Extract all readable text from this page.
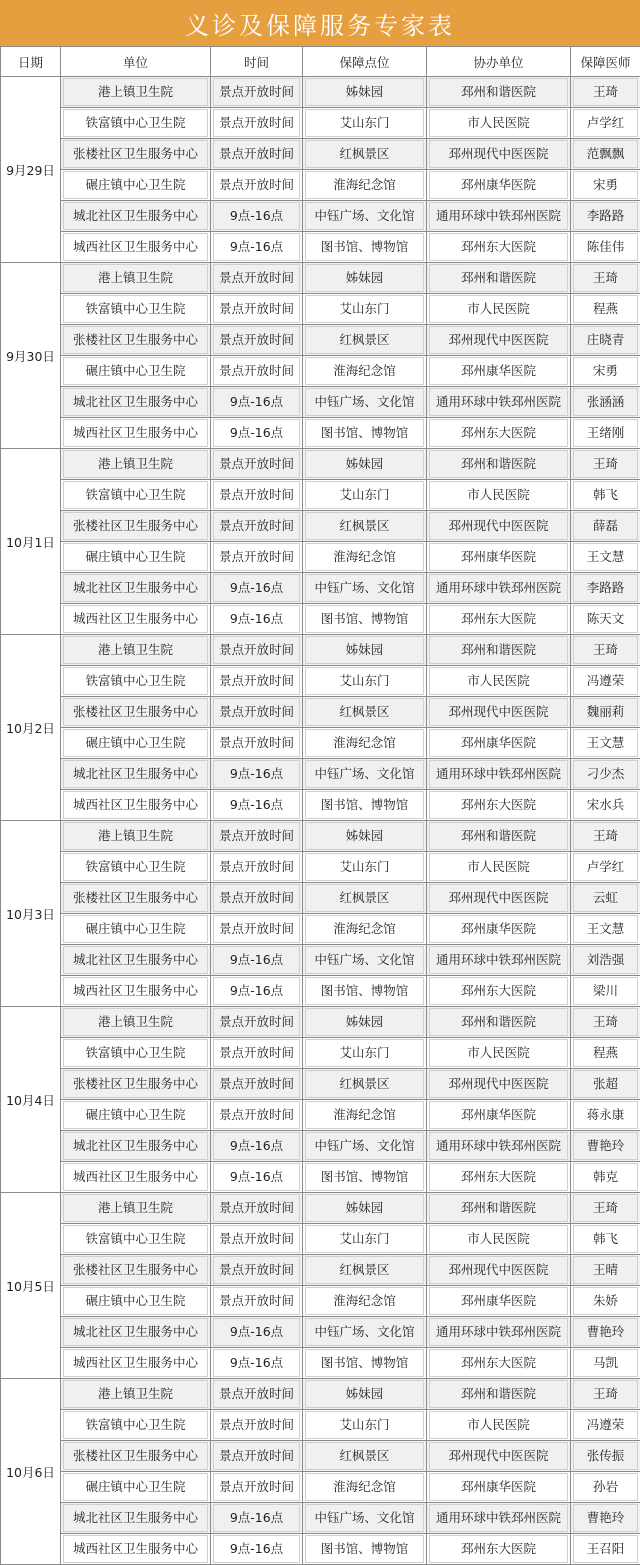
义诊及保障服务专家表
日期	单位	时间	保障点位	协办单位	保障医师
9月29日	港上镇卫生院	景点开放时间	姊妹园	邳州和谐医院	王琦

	铁富镇中心卫生院	景点开放时间	艾山东门	市人民医院	卢学红

	张楼社区卫生服务中心	景点开放时间	红枫景区	邳州现代中医医院	范飘飘

	碾庄镇中心卫生院	景点开放时间	淮海纪念馆	邳州康华医院	宋勇

	城北社区卫生服务中心	9点-16点	中钰广场、文化馆	通用环球中铁邳州医院	李路路

	城西社区卫生服务中心	9点-16点	图书馆、博物馆	邳州东大医院	陈佳伟

9月30日	港上镇卫生院	景点开放时间	姊妹园	邳州和谐医院	王琦

	铁富镇中心卫生院	景点开放时间	艾山东门	市人民医院	程燕

	张楼社区卫生服务中心	景点开放时间	红枫景区	邳州现代中医医院	庄晓青

	碾庄镇中心卫生院	景点开放时间	淮海纪念馆	邳州康华医院	宋勇

	城北社区卫生服务中心	9点-16点	中钰广场、文化馆	通用环球中铁邳州医院	张涵涵

	城西社区卫生服务中心	9点-16点	图书馆、博物馆	邳州东大医院	王绪刚

10月1日	港上镇卫生院	景点开放时间	姊妹园	邳州和谐医院	王琦

	铁富镇中心卫生院	景点开放时间	艾山东门	市人民医院	韩飞

	张楼社区卫生服务中心	景点开放时间	红枫景区	邳州现代中医医院	薛磊

	碾庄镇中心卫生院	景点开放时间	淮海纪念馆	邳州康华医院	王文慧

	城北社区卫生服务中心	9点-16点	中钰广场、文化馆	通用环球中铁邳州医院	李路路

	城西社区卫生服务中心	9点-16点	图书馆、博物馆	邳州东大医院	陈天文

10月2日	港上镇卫生院	景点开放时间	姊妹园	邳州和谐医院	王琦

	铁富镇中心卫生院	景点开放时间	艾山东门	市人民医院	冯遵荣

	张楼社区卫生服务中心	景点开放时间	红枫景区	邳州现代中医医院	魏丽莉

	碾庄镇中心卫生院	景点开放时间	淮海纪念馆	邳州康华医院	王文慧

	城北社区卫生服务中心	9点-16点	中钰广场、文化馆	通用环球中铁邳州医院	刁少杰

	城西社区卫生服务中心	9点-16点	图书馆、博物馆	邳州东大医院	宋水兵

10月3日	港上镇卫生院	景点开放时间	姊妹园	邳州和谐医院	王琦

	铁富镇中心卫生院	景点开放时间	艾山东门	市人民医院	卢学红

	张楼社区卫生服务中心	景点开放时间	红枫景区	邳州现代中医医院	云虹

	碾庄镇中心卫生院	景点开放时间	淮海纪念馆	邳州康华医院	王文慧

	城北社区卫生服务中心	9点-16点	中钰广场、文化馆	通用环球中铁邳州医院	刘浩强

	城西社区卫生服务中心	9点-16点	图书馆、博物馆	邳州东大医院	梁川

10月4日	港上镇卫生院	景点开放时间	姊妹园	邳州和谐医院	王琦

	铁富镇中心卫生院	景点开放时间	艾山东门	市人民医院	程燕

	张楼社区卫生服务中心	景点开放时间	红枫景区	邳州现代中医医院	张超

	碾庄镇中心卫生院	景点开放时间	淮海纪念馆	邳州康华医院	蒋永康

	城北社区卫生服务中心	9点-16点	中钰广场、文化馆	通用环球中铁邳州医院	曹艳玲

	城西社区卫生服务中心	9点-16点	图书馆、博物馆	邳州东大医院	韩克

10月5日	港上镇卫生院	景点开放时间	姊妹园	邳州和谐医院	王琦

	铁富镇中心卫生院	景点开放时间	艾山东门	市人民医院	韩飞

	张楼社区卫生服务中心	景点开放时间	红枫景区	邳州现代中医医院	王晴

	碾庄镇中心卫生院	景点开放时间	淮海纪念馆	邳州康华医院	朱娇

	城北社区卫生服务中心	9点-16点	中钰广场、文化馆	通用环球中铁邳州医院	曹艳玲

	城西社区卫生服务中心	9点-16点	图书馆、博物馆	邳州东大医院	马凯

10月6日	港上镇卫生院	景点开放时间	姊妹园	邳州和谐医院	王琦

	铁富镇中心卫生院	景点开放时间	艾山东门	市人民医院	冯遵荣

	张楼社区卫生服务中心	景点开放时间	红枫景区	邳州现代中医医院	张传振

	碾庄镇中心卫生院	景点开放时间	淮海纪念馆	邳州康华医院	孙岩

	城北社区卫生服务中心	9点-16点	中钰广场、文化馆	通用环球中铁邳州医院	曹艳玲

	城西社区卫生服务中心	9点-16点	图书馆、博物馆	邳州东大医院	王召阳
